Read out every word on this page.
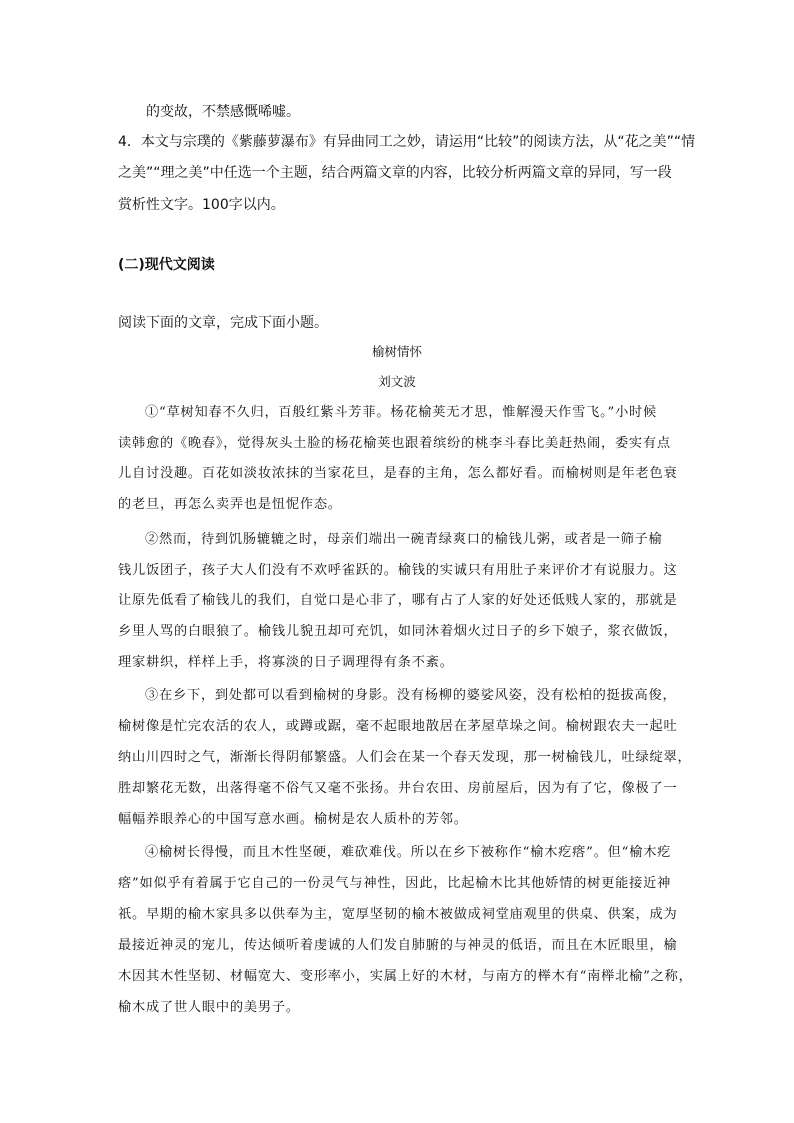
的变故，不禁感慨唏嘘。
4．本文与宗璞的《紫藤萝瀑布》有异曲同工之妙，请运用“比较”的阅读方法，从“花之美”“情
之美”“理之美”中任选一个主题，结合两篇文章的内容，比较分析两篇文章的异同，写一段
赏析性文字。100字以内。
(二)现代文阅读
阅读下面的文章，完成下面小题。
榆树情怀
刘文波
①“草树知春不久归，百般红紫斗芳菲。杨花榆荚无才思，惟解漫天作雪飞。”小时候
读韩愈的《晚春》，觉得灰头土脸的杨花榆荚也跟着缤纷的桃李斗春比美赶热闹，委实有点
儿自讨没趣。百花如淡妆浓抹的当家花旦，是春的主角，怎么都好看。而榆树则是年老色衰
的老旦，再怎么卖弄也是忸怩作态。
②然而，待到饥肠辘辘之时，母亲们端出一碗青绿爽口的榆钱儿粥，或者是一筛子榆
钱儿饭团子，孩子大人们没有不欢呼雀跃的。榆钱的实诚只有用肚子来评价才有说服力。这
让原先低看了榆钱儿的我们，自觉口是心非了，哪有占了人家的好处还低贱人家的，那就是
乡里人骂的白眼狼了。榆钱儿貌丑却可充饥，如同沐着烟火过日子的乡下娘子，浆衣做饭，
理家耕织，样样上手，将寡淡的日子调理得有条不紊。
③在乡下，到处都可以看到榆树的身影。没有杨柳的婆娑风姿，没有松柏的挺拔高俊，
榆树像是忙完农活的农人，或蹲或踞，毫不起眼地散居在茅屋草垛之间。榆树跟农夫一起吐
纳山川四时之气，渐渐长得阴郁繁盛。人们会在某一个春天发现，那一树榆钱儿，吐绿绽翠，
胜却繁花无数，出落得毫不俗气又毫不张扬。井台农田、房前屋后，因为有了它，像极了一
幅幅养眼养心的中国写意水画。榆树是农人质朴的芳邻。
④榆树长得慢，而且木性坚硬，难砍难伐。所以在乡下被称作“榆木疙瘩”。但“榆木疙
瘩”如似乎有着属于它自己的一份灵气与神性，因此，比起榆木比其他娇情的树更能接近神
祇。早期的榆木家具多以供奉为主，宽厚坚韧的榆木被做成祠堂庙观里的供桌、供案，成为
最接近神灵的宠儿，传达倾听着虔诚的人们发自肺腑的与神灵的低语，而且在木匠眼里，榆
木因其木性坚韧、材幅宽大、变形率小，实属上好的木材，与南方的榉木有“南榉北榆”之称，
榆木成了世人眼中的美男子。
